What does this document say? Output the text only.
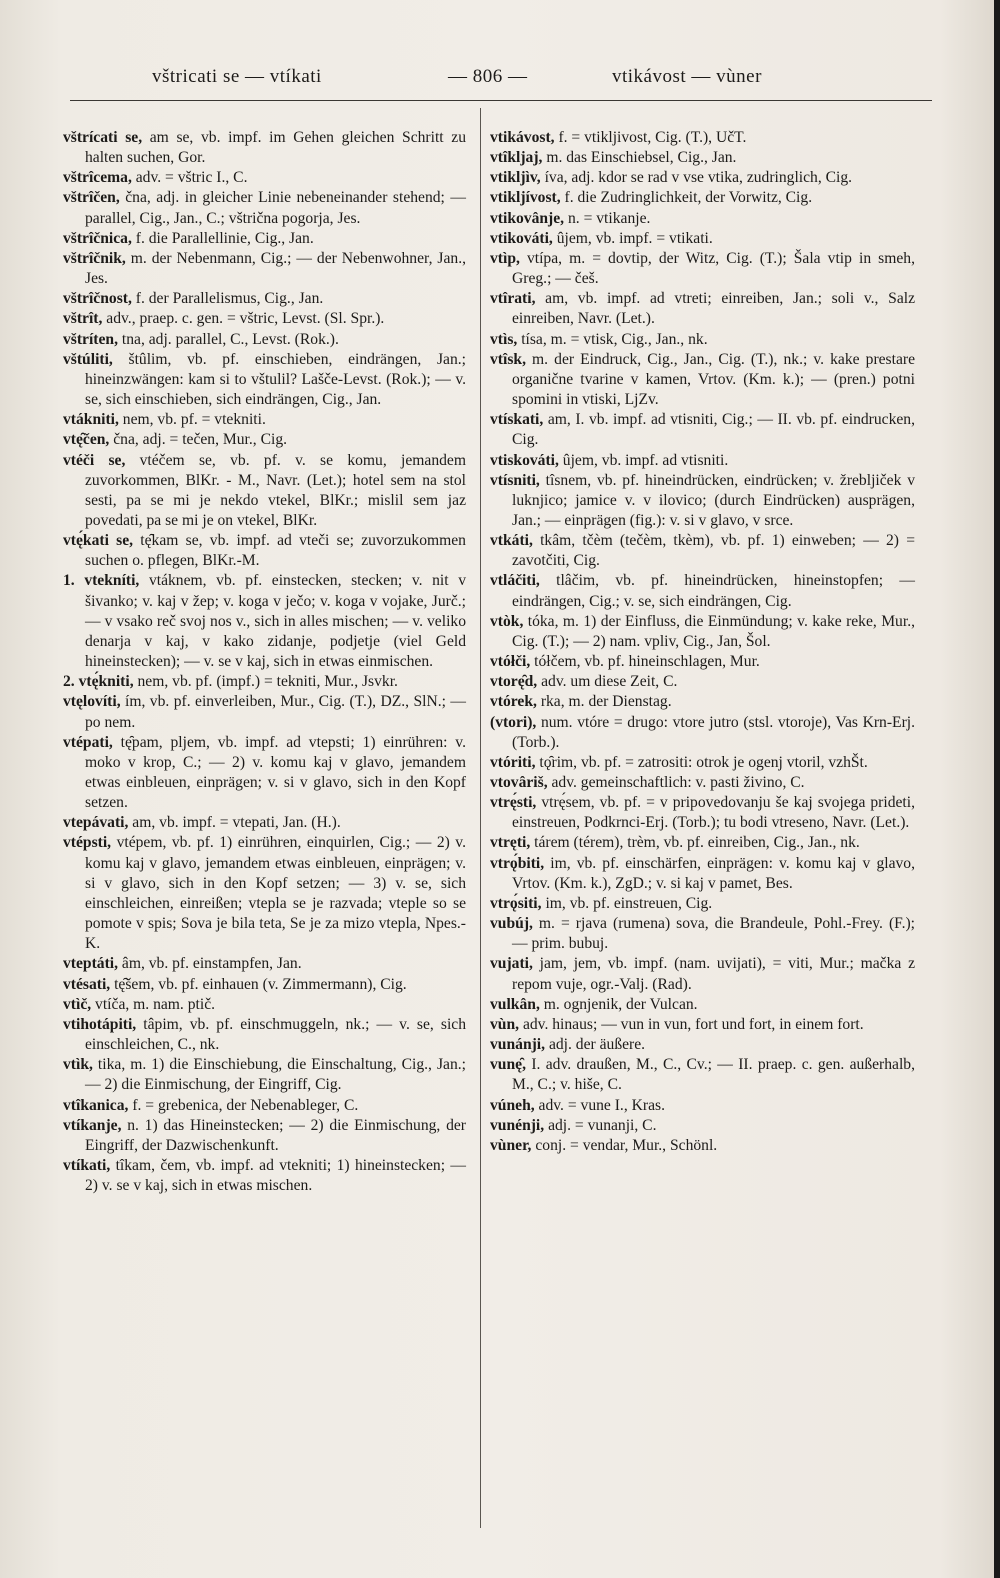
vštricati se — vtíkati	— 806 —	vtikávost — vùner

vštrícati se, am se, vb. impf. im Gehen gleichen Schritt zu halten suchen, Gor.

vštrîcema, adv. = vštric I., C.

vštrîčen, čna, adj. in gleicher Linie nebeneinander stehend; — parallel, Cig., Jan., C.; vštrična pogorja, Jes.

vštrîčnica, f. die Parallellinie, Cig., Jan.

vštrîčnik, m. der Nebenmann, Cig.; — der Nebenwohner, Jan., Jes.

vštrîčnost, f. der Parallelismus, Cig., Jan.

vštrît, adv., praep. c. gen. = vštric, Levst. (Sl. Spr.).

vštríten, tna, adj. parallel, C., Levst. (Rok.).

vštúliti, štûlim, vb. pf. einschieben, eindrängen, Jan.; hineinzwängen: kam si to vštulil? Lašče-Levst. (Rok.); — v. se, sich einschieben, sich eindrängen, Cig., Jan.

vtákniti, nem, vb. pf. = vtekniti.

vtę̑čen, čna, adj. = tečen, Mur., Cig.

vtéči se, vtéčem se, vb. pf. v. se komu, jemandem zuvorkommen, BlKr. - M., Navr. (Let.); hotel sem na stol sesti, pa se mi je nekdo vtekel, BlKr.; mislil sem jaz povedati, pa se mi je on vtekel, BlKr.

vtę́kati se, tę̑kam se, vb. impf. ad vteči se; zuvorzukommen suchen o. pflegen, BlKr.-M.

1. vtekníti, vtáknem, vb. pf. einstecken, stecken; v. nit v šivanko; v. kaj v žep; v. koga v ječo; v. koga v vojake, Jurč.; — v vsako reč svoj nos v., sich in alles mischen; — v. veliko denarja v kaj, v kako zidanje, podjetje (viel Geld hineinstecken); — v. se v kaj, sich in etwas einmischen.

2. vtę́kniti, nem, vb. pf. (impf.) = tekniti, Mur., Jsvkr.

vtęlovíti, ím, vb. pf. einverleiben, Mur., Cig. (T.), DZ., SlN.; — po nem.

vtépati, tę̑pam, pljem, vb. impf. ad vtepsti; 1) einrühren: v. moko v krop, C.; — 2) v. komu kaj v glavo, jemandem etwas einbleuen, einprägen; v. si v glavo, sich in den Kopf setzen.

vtepávati, am, vb. impf. = vtepati, Jan. (H.).

vtépsti, vtépem, vb. pf. 1) einrühren, einquirlen, Cig.; — 2) v. komu kaj v glavo, jemandem etwas einbleuen, einprägen; v. si v glavo, sich in den Kopf setzen; — 3) v. se, sich einschleichen, einreißen; vtepla se je razvada; vteple so se pomote v spis; Sova je bila teta, Se je za mizo vtepla, Npes.-K.

vteptáti, âm, vb. pf. einstampfen, Jan.

vtésati, tę̑šem, vb. pf. einhauen (v. Zimmermann), Cig.

vtìč, vtíča, m. nam. ptič.

vtihotápiti, tâpim, vb. pf. einschmuggeln, nk.; — v. se, sich einschleichen, C., nk.

vtìk, tika, m. 1) die Einschiebung, die Einschaltung, Cig., Jan.; — 2) die Einmischung, der Eingriff, Cig.

vtîkanica, f. = grebenica, der Nebenableger, C.

vtíkanje, n. 1) das Hineinstecken; — 2) die Einmischung, der Eingriff, der Dazwischenkunft.

vtíkati, tîkam, čem, vb. impf. ad vtekniti; 1) hineinstecken; — 2) v. se v kaj, sich in etwas mischen.

vtikávost, f. = vtikljivost, Cig. (T.), UčT.

vtîkljaj, m. das Einschiebsel, Cig., Jan.

vtikljìv, íva, adj. kdor se rad v vse vtika, zudringlich, Cig.

vtikljívost, f. die Zudringlichkeit, der Vorwitz, Cig.

vtikovânje, n. = vtikanje.

vtikováti, ûjem, vb. impf. = vtikati.

vtìp, vtípa, m. = dovtip, der Witz, Cig. (T.); Šala vtip in smeh, Greg.; — češ.

vtîrati, am, vb. impf. ad vtreti; einreiben, Jan.; soli v., Salz einreiben, Navr. (Let.).

vtìs, tísa, m. = vtisk, Cig., Jan., nk.

vtîsk, m. der Eindruck, Cig., Jan., Cig. (T.), nk.; v. kake prestare organične tvarine v kamen, Vrtov. (Km. k.); — (pren.) potni spomini in vtiski, LjZv.

vtískati, am, I. vb. impf. ad vtisniti, Cig.; — II. vb. pf. eindrucken, Cig.

vtiskováti, ûjem, vb. impf. ad vtisniti.

vtísniti, tîsnem, vb. pf. hineindrücken, eindrücken; v. žrebljiček v luknjico; jamice v. v ilovico; (durch Eindrücken) ausprägen, Jan.; — einprägen (fig.): v. si v glavo, v srce.

vtkáti, tkâm, tčèm (tečèm, tkèm), vb. pf. 1) einweben; — 2) = zavotčiti, Cig.

vtláčiti, tlâčim, vb. pf. hineindrücken, hineinstopfen; — eindrängen, Cig.; v. se, sich eindrängen, Cig.

vtòk, tóka, m. 1) der Einfluss, die Einmündung; v. kake reke, Mur., Cig. (T.); — 2) nam. vpliv, Cig., Jan, Šol.

vtółči, tółčem, vb. pf. hineinschlagen, Mur.

vtorę̑d, adv. um diese Zeit, C.

vtórek, rka, m. der Dienstag.

(vtori), num. vtóre = drugo: vtore jutro (stsl. vtoroje), Vas Krn-Erj. (Torb.).

vtóriti, tǫ̑rim, vb. pf. = zatrositi: otrok je ogenj vtoril, vzhŠt.

vtovâriš, adv. gemeinschaftlich: v. pasti živino, C.

vtrę́sti, vtrę́sem, vb. pf. = v pripovedovanju še kaj svojega prideti, einstreuen, Podkrnci-Erj. (Torb.); tu bodi vtreseno, Navr. (Let.).

vtręti, tárem (térem), trèm, vb. pf. einreiben, Cig., Jan., nk.

vtrǫ́biti, im, vb. pf. einschärfen, einprägen: v. komu kaj v glavo, Vrtov. (Km. k.), ZgD.; v. si kaj v pamet, Bes.

vtrǫ́siti, im, vb. pf. einstreuen, Cig.

vubúj, m. = rjava (rumena) sova, die Brandeule, Pohl.-Frey. (F.); — prim. bubuj.

vujati, jam, jem, vb. impf. (nam. uvijati), = viti, Mur.; mačka z repom vuje, ogr.-Valj. (Rad).

vulkân, m. ognjenik, der Vulcan.

vùn, adv. hinaus; — vun in vun, fort und fort, in einem fort.

vunánji, adj. der äußere.

vunę̑, I. adv. draußen, M., C., Cv.; — II. praep. c. gen. außerhalb, M., C.; v. hiše, C.

vúneh, adv. = vune I., Kras.

vunénji, adj. = vunanji, C.

vùner, conj. = vendar, Mur., Schönl.
